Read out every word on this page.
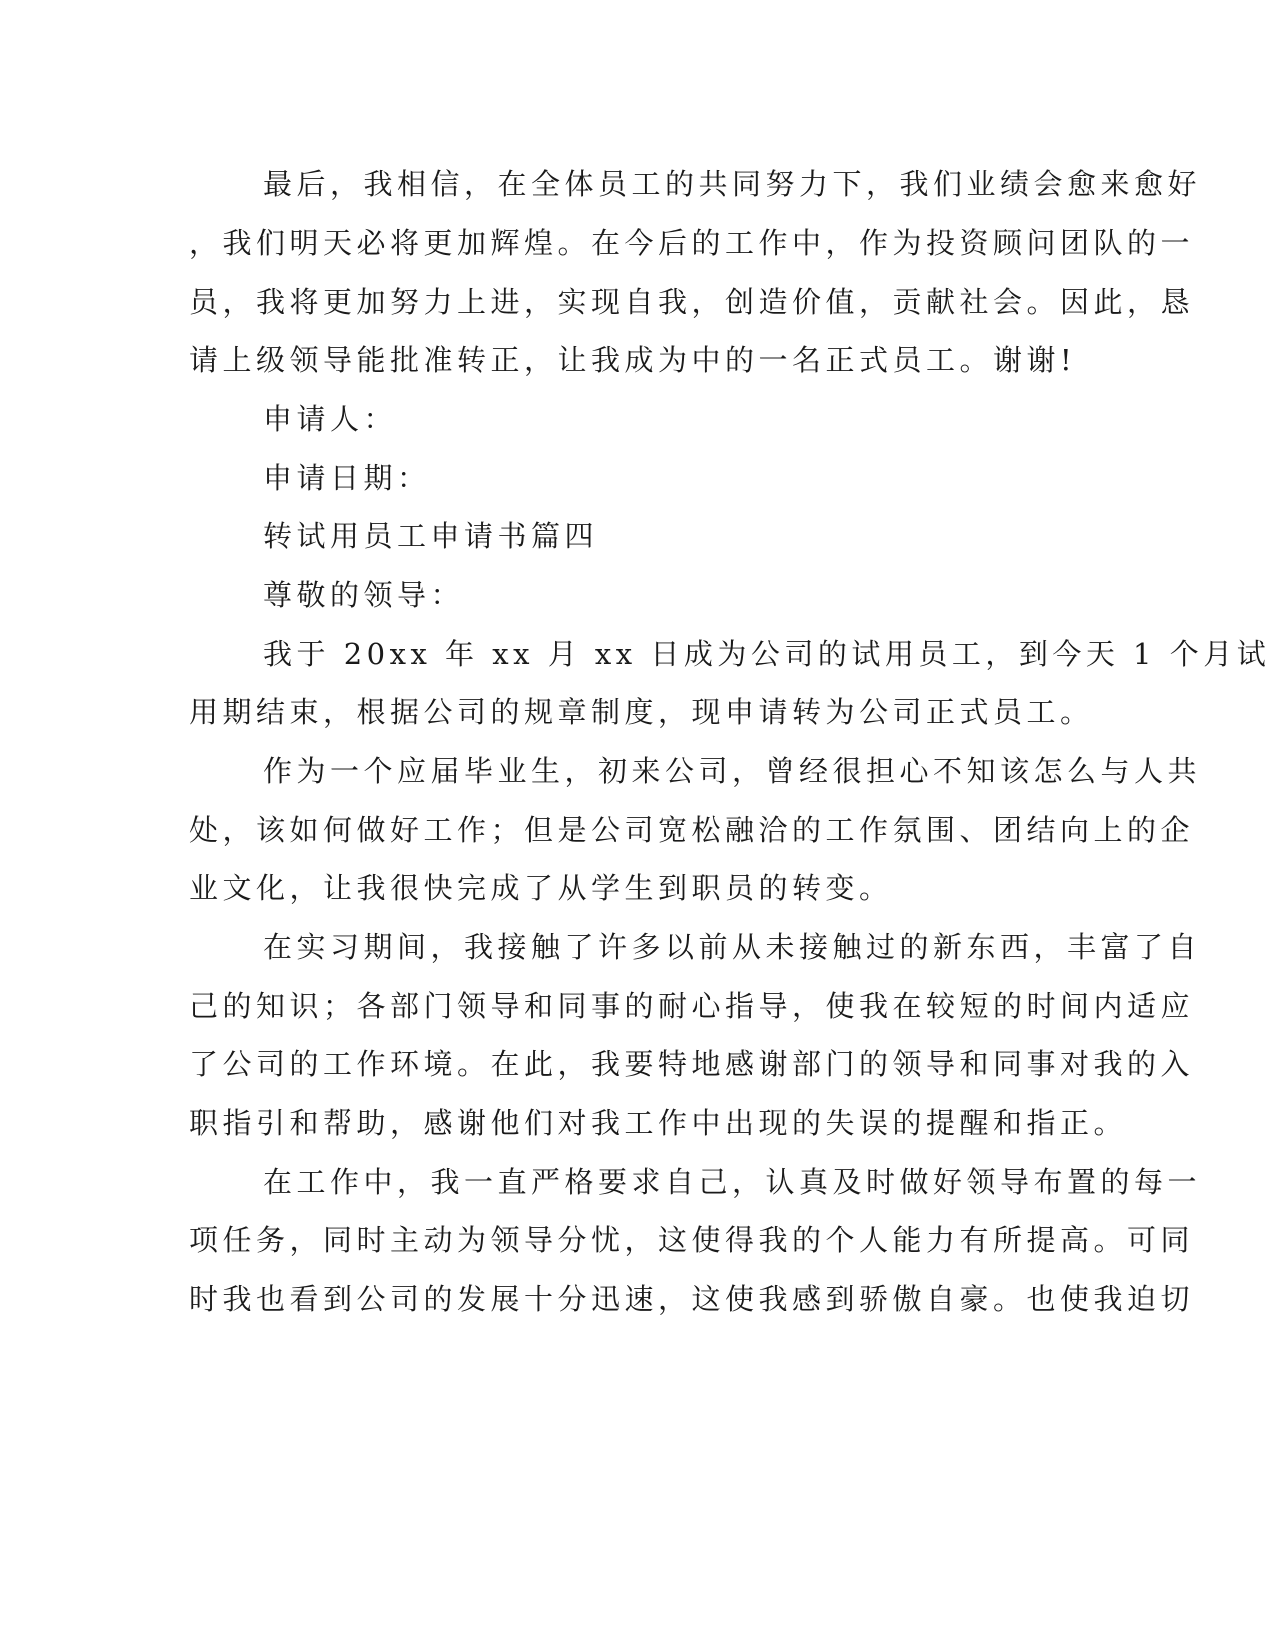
最后，我相信，在全体员工的共同努力下，我们业绩会愈来愈好
，我们明天必将更加辉煌。在今后的工作中，作为投资顾问团队的一
员，我将更加努力上进，实现自我，创造价值，贡献社会。因此，恳
请上级领导能批准转正，让我成为中的一名正式员工。谢谢!
申请人：
申请日期：
转试用员工申请书篇四
尊敬的领导：
我于 20xx 年 xx 月 xx 日成为公司的试用员工，到今天 1 个月试
用期结束，根据公司的规章制度，现申请转为公司正式员工。
作为一个应届毕业生，初来公司，曾经很担心不知该怎么与人共
处，该如何做好工作；但是公司宽松融洽的工作氛围、团结向上的企
业文化，让我很快完成了从学生到职员的转变。
在实习期间，我接触了许多以前从未接触过的新东西，丰富了自
己的知识；各部门领导和同事的耐心指导，使我在较短的时间内适应
了公司的工作环境。在此，我要特地感谢部门的领导和同事对我的入
职指引和帮助，感谢他们对我工作中出现的失误的提醒和指正。
在工作中，我一直严格要求自己，认真及时做好领导布置的每一
项任务，同时主动为领导分忧，这使得我的个人能力有所提高。可同
时我也看到公司的发展十分迅速，这使我感到骄傲自豪。也使我迫切
